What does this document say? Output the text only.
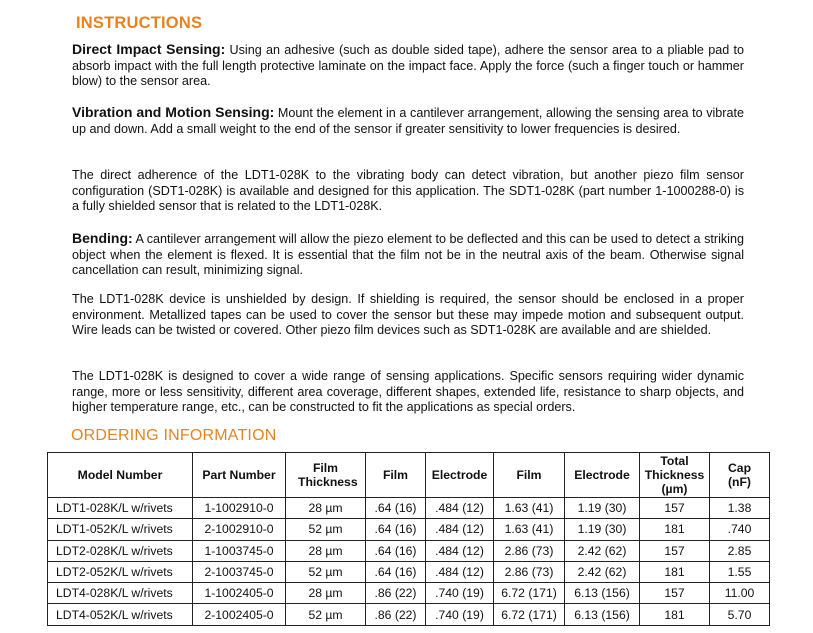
INSTRUCTIONS

Direct Impact Sensing: Using an adhesive (such as double sided tape), adhere the sensor area to a pliable pad to absorb impact with the full length protective laminate on the impact face. Apply the force (such a finger touch or hammer blow) to the sensor area.

Vibration and Motion Sensing: Mount the element in a cantilever arrangement, allowing the sensing area to vibrate up and down. Add a small weight to the end of the sensor if greater sensitivity to lower frequencies is desired.

The direct adherence of the LDT1-028K to the vibrating body can detect vibration, but another piezo film sensor configuration (SDT1-028K) is available and designed for this application. The SDT1-028K (part number 1-1000288-0) is a fully shielded sensor that is related to the LDT1-028K.

Bending: A cantilever arrangement will allow the piezo element to be deflected and this can be used to detect a striking object when the element is flexed. It is essential that the film not be in the neutral axis of the beam. Otherwise signal cancellation can result, minimizing signal.

The LDT1-028K device is unshielded by design. If shielding is required, the sensor should be enclosed in a proper environment. Metallized tapes can be used to cover the sensor but these may impede motion and subsequent output. Wire leads can be twisted or covered. Other piezo film devices such as SDT1-028K are available and are shielded.

The LDT1-028K is designed to cover a wide range of sensing applications. Specific sensors requiring wider dynamic range, more or less sensitivity, different area coverage, different shapes, extended life, resistance to sharp objects, and higher temperature range, etc., can be constructed to fit the applications as special orders.

ORDERING INFORMATION
Model Number	Part Number	Film Thickness	Film	Electrode	Film	Electrode	Total Thickness (µm)	Cap (nF)
LDT1-028K/L w/rivets	1-1002910-0	28 µm	.64 (16)	.484 (12)	1.63 (41)	1.19 (30)	157	1.38
LDT1-052K/L w/rivets	2-1002910-0	52 µm	.64 (16)	.484 (12)	1.63 (41)	1.19 (30)	181	.740
LDT2-028K/L w/rivets	1-1003745-0	28 µm	.64 (16)	.484 (12)	2.86 (73)	2.42 (62)	157	2.85
LDT2-052K/L w/rivets	2-1003745-0	52 µm	.64 (16)	.484 (12)	2.86 (73)	2.42 (62)	181	1.55
LDT4-028K/L w/rivets	1-1002405-0	28 µm	.86 (22)	.740 (19)	6.72 (171)	6.13 (156)	157	11.00
LDT4-052K/L w/rivets	2-1002405-0	52 µm	.86 (22)	.740 (19)	6.72 (171)	6.13 (156)	181	5.70
